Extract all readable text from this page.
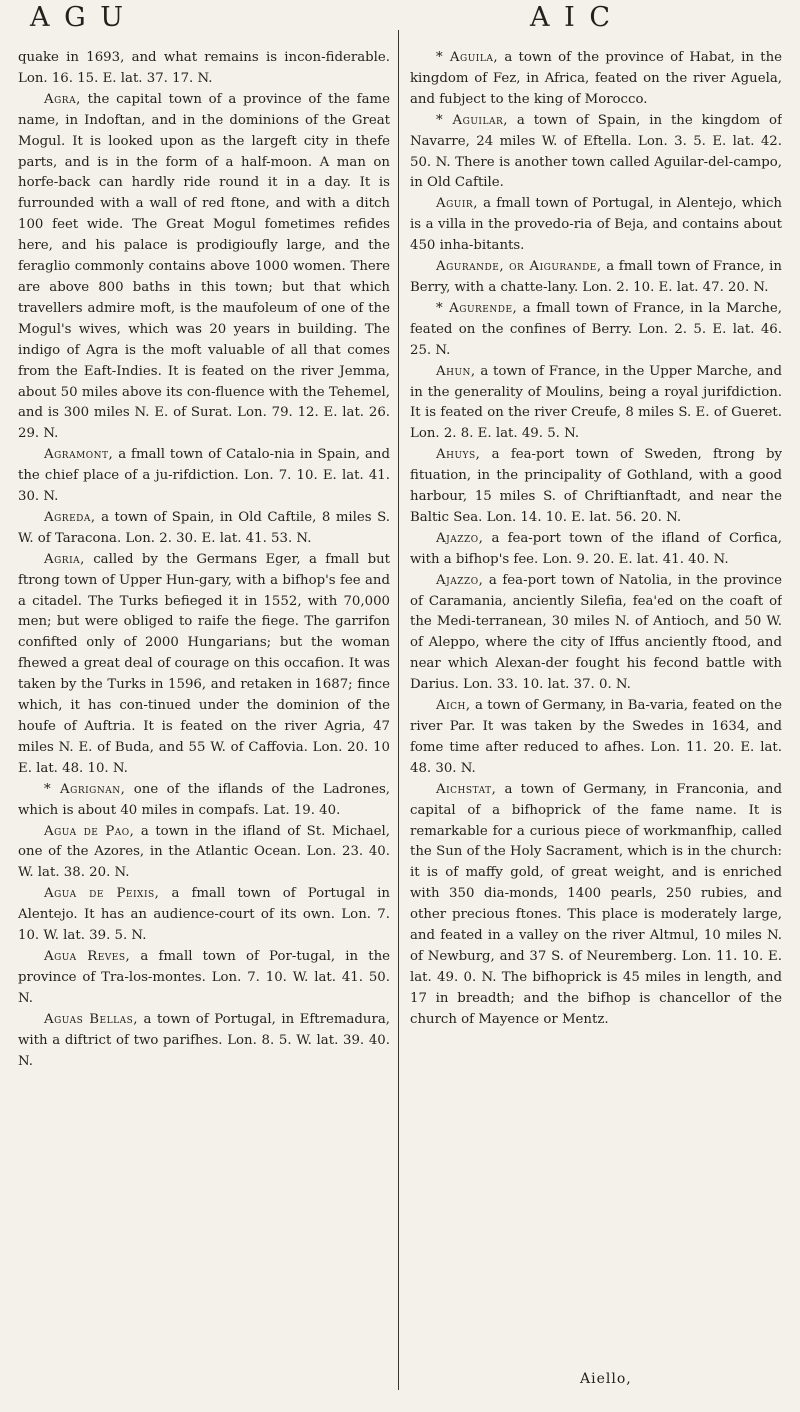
A G U	A I C

quake in 1693, and what remains is incon-fiderable. Lon. 16. 15. E. lat. 37. 17. N.

Agra, the capital town of a province of the fame name, in Indoftan, and in the dominions of the Great Mogul. It is looked upon as the largeft city in thefe parts, and is in the form of a half-moon. A man on horfe-back can hardly ride round it in a day. It is furrounded with a wall of red ftone, and with a ditch 100 feet wide. The Great Mogul fometimes refides here, and his palace is prodigioufly large, and the feraglio commonly contains above 1000 women. There are above 800 baths in this town; but that which travellers admire moft, is the maufoleum of one of the Mogul's wives, which was 20 years in building. The indigo of Agra is the moft valuable of all that comes from the Eaft-Indies. It is feated on the river Jemma, about 50 miles above its con-fluence with the Tehemel, and is 300 miles N. E. of Surat. Lon. 79. 12. E. lat. 26. 29. N.

Agramont, a fmall town of Catalo-nia in Spain, and the chief place of a ju-rifdiction. Lon. 7. 10. E. lat. 41. 30. N.

Agreda, a town of Spain, in Old Caftile, 8 miles S. W. of Taracona. Lon. 2. 30. E. lat. 41. 53. N.

Agria, called by the Germans Eger, a fmall but ftrong town of Upper Hun-gary, with a bifhop's fee and a citadel. The Turks befieged it in 1552, with 70,000 men; but were obliged to raife the fiege. The garrifon confifted only of 2000 Hungarians; but the woman fhewed a great deal of courage on this occafion. It was taken by the Turks in 1596, and retaken in 1687; fince which, it has con-tinued under the dominion of the houfe of Auftria. It is feated on the river Agria, 47 miles N. E. of Buda, and 55 W. of Caffovia. Lon. 20. 10 E. lat. 48. 10. N.

* Agrignan, one of the iflands of the Ladrones, which is about 40 miles in compafs. Lat. 19. 40.

Agua de Pao, a town in the ifland of St. Michael, one of the Azores, in the Atlantic Ocean. Lon. 23. 40. W. lat. 38. 20. N.

Agua de Peixis, a fmall town of Portugal in Alentejo. It has an audience-court of its own. Lon. 7. 10. W. lat. 39. 5. N.

Agua Reves, a fmall town of Por-tugal, in the province of Tra-los-montes. Lon. 7. 10. W. lat. 41. 50. N.

Aguas Bellas, a town of Portugal, in Eftremadura, with a diftrict of two parifhes. Lon. 8. 5. W. lat. 39. 40. N.

* Aguila, a town of the province of Habat, in the kingdom of Fez, in Africa, feated on the river Aguela, and fubject to the king of Morocco.

* Aguilar, a town of Spain, in the kingdom of Navarre, 24 miles W. of Eftella. Lon. 3. 5. E. lat. 42. 50. N. There is another town called Aguilar-del-campo, in Old Caftile.

Aguir, a fmall town of Portugal, in Alentejo, which is a villa in the provedo-ria of Beja, and contains about 450 inha-bitants.

Agurande, or Aigurande, a fmall town of France, in Berry, with a chatte-lany. Lon. 2. 10. E. lat. 47. 20. N.

* Agurende, a fmall town of France, in la Marche, feated on the confines of Berry. Lon. 2. 5. E. lat. 46. 25. N.

Ahun, a town of France, in the Upper Marche, and in the generality of Moulins, being a royal jurifdiction. It is feated on the river Creufe, 8 miles S. E. of Gueret. Lon. 2. 8. E. lat. 49. 5. N.

Ahuys, a fea-port town of Sweden, ftrong by fituation, in the principality of Gothland, with a good harbour, 15 miles S. of Chriftianftadt, and near the Baltic Sea. Lon. 14. 10. E. lat. 56. 20. N.

Ajazzo, a fea-port town of the ifland of Corfica, with a bifhop's fee. Lon. 9. 20. E. lat. 41. 40. N.

Ajazzo, a fea-port town of Natolia, in the province of Caramania, anciently Silefia, fea'ed on the coaft of the Medi-terranean, 30 miles N. of Antioch, and 50 W. of Aleppo, where the city of Iffus anciently ftood, and near which Alexan-der fought his fecond battle with Darius. Lon. 33. 10. lat. 37. 0. N.

Aich, a town of Germany, in Ba-varia, feated on the river Par. It was taken by the Swedes in 1634, and fome time after reduced to afhes. Lon. 11. 20. E. lat. 48. 30. N.

Aichstat, a town of Germany, in Franconia, and capital of a bifhoprick of the fame name. It is remarkable for a curious piece of workmanfhip, called the Sun of the Holy Sacrament, which is in the church: it is of maffy gold, of great weight, and is enriched with 350 dia-monds, 1400 pearls, 250 rubies, and other precious ftones. This place is moderately large, and feated in a valley on the river Altmul, 10 miles N. of Newburg, and 37 S. of Neuremberg. Lon. 11. 10. E. lat. 49. 0. N. The bifhoprick is 45 miles in length, and 17 in breadth; and the bifhop is chancellor of the church of Mayence or Mentz.

Aiello,
